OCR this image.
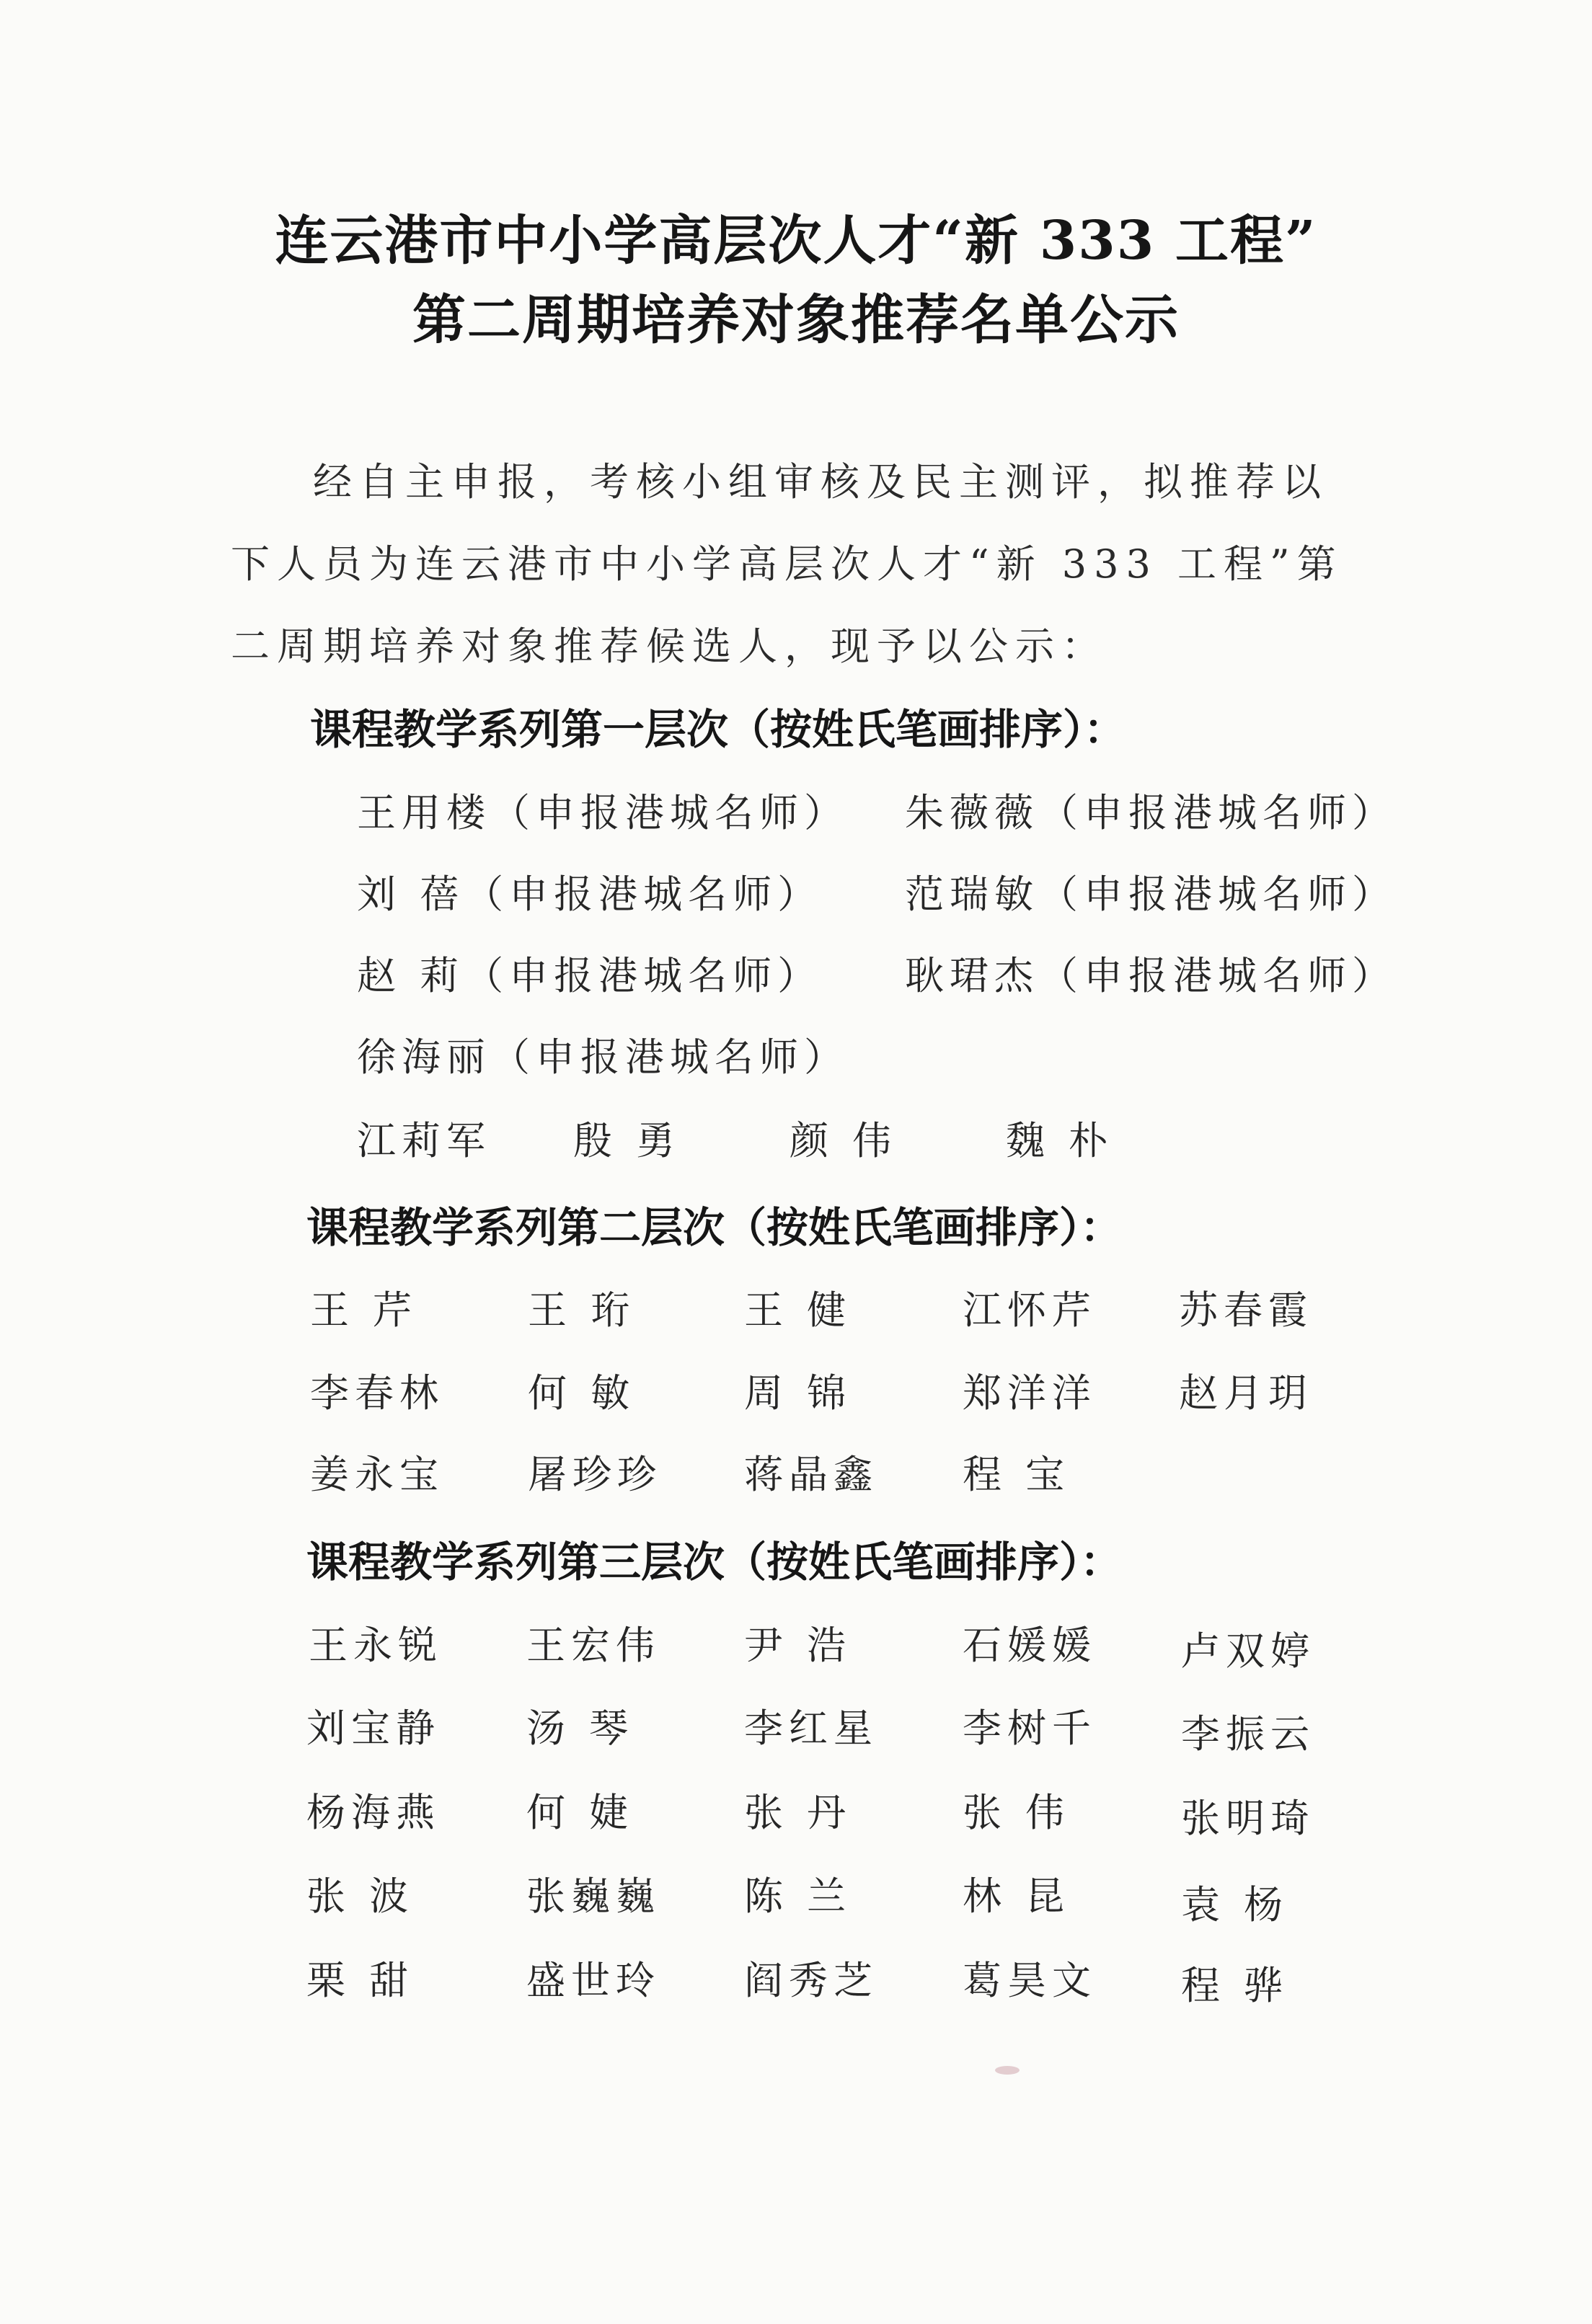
连云港市中小学高层次人才“新 333 工程”
第二周期培养对象推荐名单公示
经自主申报，考核小组审核及民主测评，拟推荐以下人员为连云港市中小学高层次人才“新 333 工程”第二周期培养对象推荐候选人，现予以公示：
课程教学系列第一层次（按姓氏笔画排序）：
王用楼（申报港城名师） 朱薇薇（申报港城名师）
刘 蓓（申报港城名师） 范瑞敏（申报港城名师）
赵 莉（申报港城名师） 耿珺杰（申报港城名师）
徐海丽（申报港城名师）
江莉军 殷 勇	颜 伟	魏 朴
课程教学系列第二层次（按姓氏笔画排序）：
王 芹	王 珩	王 健	江怀芹 苏春霞
李春林 何 敏	周 锦	郑洋洋 赵月玥
姜永宝 屠珍珍 蒋晶鑫 程 宝
课程教学系列第三层次（按姓氏笔画排序）：
王永锐 王宏伟 尹 浩	石媛媛 卢双婷
刘宝静 汤 琴	李红星 李树千 李振云
杨海燕 何 婕	张 丹	张 伟	张明琦
张 波	张巍巍 陈 兰	林 昆	袁 杨
栗 甜	盛世玲 阎秀芝 葛昊文 程 骅
